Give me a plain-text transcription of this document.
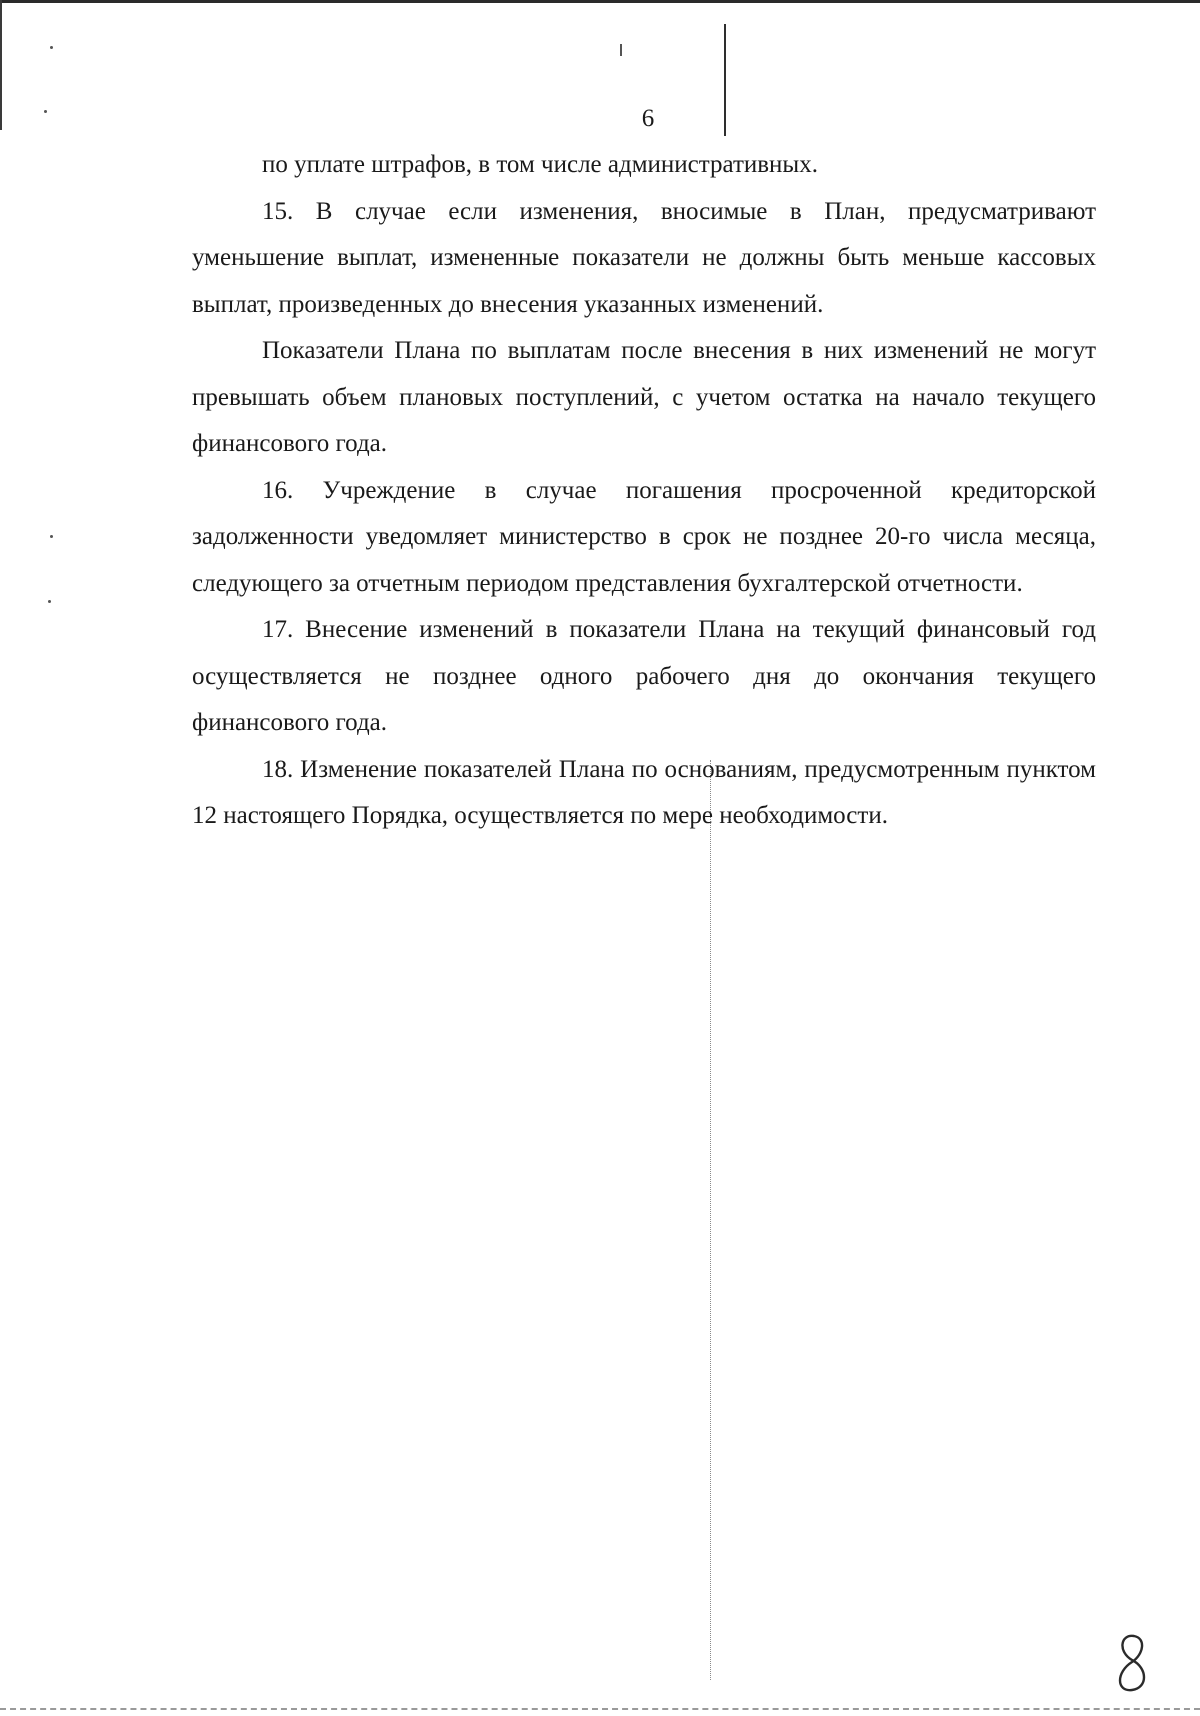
6

по уплате штрафов, в том числе административных.

15. В случае если изменения, вносимые в План, предусматривают уменьшение выплат, измененные показатели не должны быть меньше кассовых выплат, произведенных до внесения указанных изменений.

Показатели Плана по выплатам после внесения в них изменений не могут превышать объем плановых поступлений, с учетом остатка на начало текущего финансового года.

16. Учреждение в случае погашения просроченной кредиторской задолженности уведомляет министерство в срок не позднее 20-го числа месяца, следующего за отчетным периодом представления бухгалтерской отчетности.

17. Внесение изменений в показатели Плана на текущий финансовый год осуществляется не позднее одного рабочего дня до окончания текущего финансового года.

18. Изменение показателей Плана по основаниям, предусмотренным пунктом 12 настоящего Порядка, осуществляется по мере необходимости.
